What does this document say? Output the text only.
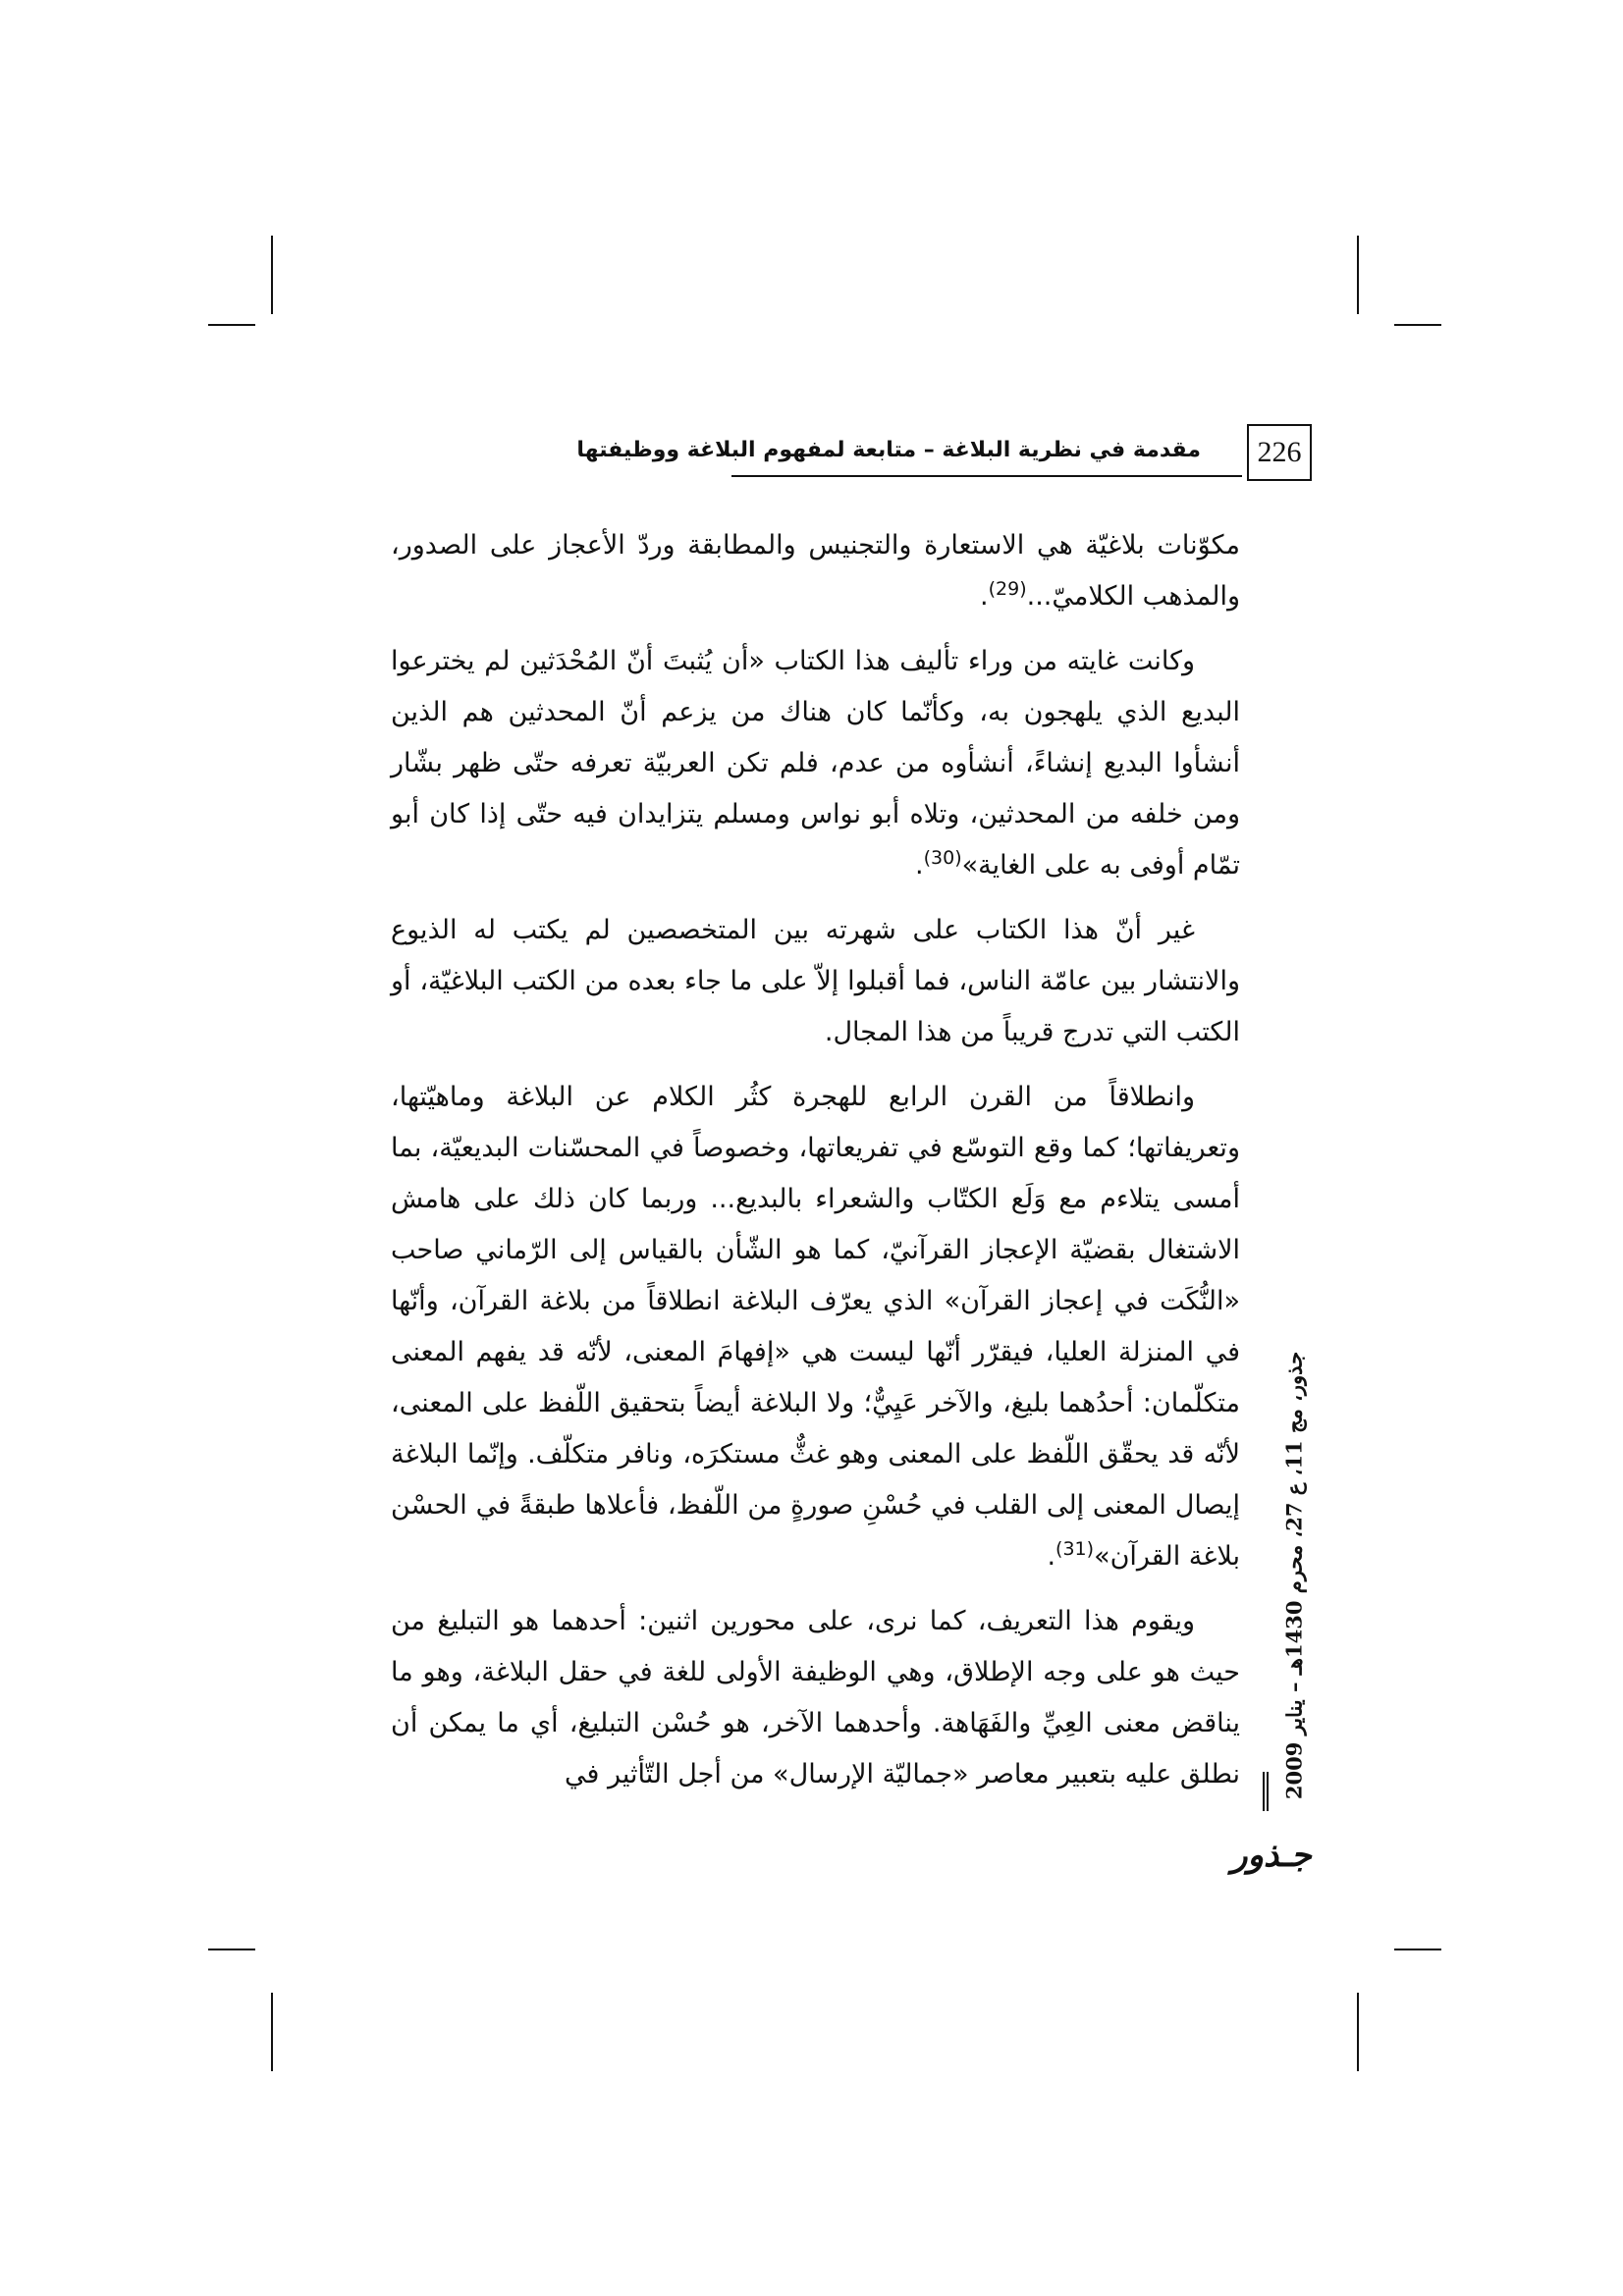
226
مقدمة في نظرية البلاغة – متابعة لمفهوم البلاغة ووظيفتها

مكوّنات بلاغيّة هي الاستعارة والتجنيس والمطابقة وردّ الأعجاز على الصدور، والمذهب الكلاميّ...$^{(29)}$.

وكانت غايته من وراء تأليف هذا الكتاب «أن يُثبتَ أنّ المُحْدَثين لم يخترعوا البديع الذي يلهجون به، وكأنّما كان هناك من يزعم أنّ المحدثين هم الذين أنشأوا البديع إنشاءً، أنشأوه من عدم، فلم تكن العربيّة تعرفه حتّى ظهر بشّار ومن خلفه من المحدثين، وتلاه أبو نواس ومسلم يتزايدان فيه حتّى إذا كان أبو تمّام أوفى به على الغاية»$^{(30)}$.

غير أنّ هذا الكتاب على شهرته بين المتخصصين لم يكتب له الذيوع والانتشار بين عامّة الناس، فما أقبلوا إلاّ على ما جاء بعده من الكتب البلاغيّة، أو الكتب التي تدرج قريباً من هذا المجال.

وانطلاقاً من القرن الرابع للهجرة كثُر الكلام عن البلاغة وماهيّتها، وتعريفاتها؛ كما وقع التوسّع في تفريعاتها، وخصوصاً في المحسّنات البديعيّة، بما أمسى يتلاءم مع وَلَع الكتّاب والشعراء بالبديع... وربما كان ذلك على هامش الاشتغال بقضيّة الإعجاز القرآنيّ، كما هو الشّأن بالقياس إلى الرّماني صاحب «النُّكَت في إعجاز القرآن» الذي يعرّف البلاغة انطلاقاً من بلاغة القرآن، وأنّها في المنزلة العليا، فيقرّر أنّها ليست هي «إفهامَ المعنى، لأنّه قد يفهم المعنى متكلّمان: أحدُهما بليغ، والآخر عَيِيٌّ؛ ولا البلاغة أيضاً بتحقيق اللّفظ على المعنى، لأنّه قد يحقّق اللّفظ على المعنى وهو غثٌّ مستكرَه، ونافر متكلّف. وإنّما البلاغة إيصال المعنى إلى القلب في حُسْنِ صورةٍ من اللّفظ، فأعلاها طبقةً في الحسْن بلاغة القرآن»$^{(31)}$.

ويقوم هذا التعريف، كما نرى، على محورين اثنين: أحدهما هو التبليغ من حيث هو على وجه الإطلاق، وهي الوظيفة الأولى للغة في حقل البلاغة، وهو ما يناقض معنى العِيِّ والفَهَاهة. وأحدهما الآخر، هو حُسْن التبليغ، أي ما يمكن أن نطلق عليه بتعبير معاصر «جماليّة الإرسال» من أجل التّأثير في جذور، مج 11، ع 27، محرم 1430هـ – يناير 2009
جـذور
